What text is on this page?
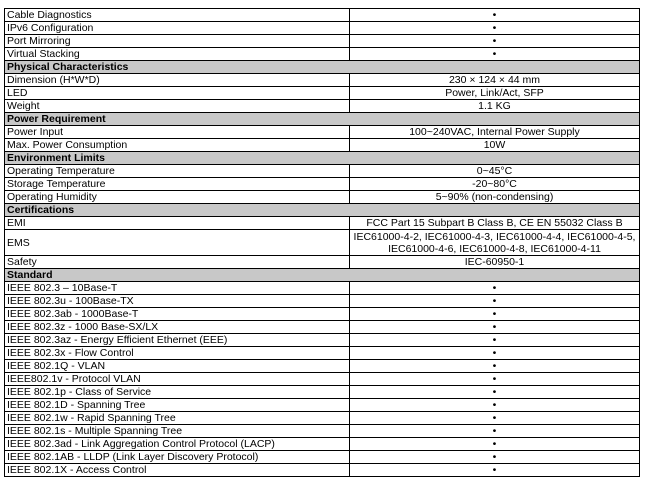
Cable Diagnostics	•
IPv6 Configuration	•
Port Mirroring	•
Virtual Stacking	•
Physical Characteristics	
Dimension (H*W*D)	230 × 124 × 44 mm
LED	Power, Link/Act, SFP
Weight	1.1 KG
Power Requirement	
Power Input	100~240VAC, Internal Power Supply
Max. Power Consumption	10W
Environment Limits	
Operating Temperature	0~45°C
Storage Temperature	-20~80°C
Operating Humidity	5~90% (non-condensing)
Certifications	
EMI	FCC Part 15 Subpart B Class B, CE EN 55032 Class B
EMS	IEC61000-4-2, IEC61000-4-3, IEC61000-4-4, IEC61000-4-5, IEC61000-4-6, IEC61000-4-8, IEC61000-4-11
Safety	IEC-60950-1
Standard	
IEEE 802.3 – 10Base-T	•
IEEE 802.3u - 100Base-TX	•
IEEE 802.3ab - 1000Base-T	•
IEEE 802.3z - 1000 Base-SX/LX	•
IEEE 802.3az - Energy Efficient Ethernet (EEE)	•
IEEE 802.3x - Flow Control	•
IEEE 802.1Q - VLAN	•
IEEE802.1v - Protocol VLAN	•
IEEE 802.1p - Class of Service	•
IEEE 802.1D - Spanning Tree	•
IEEE 802.1w - Rapid Spanning Tree	•
IEEE 802.1s - Multiple Spanning Tree	•
IEEE 802.3ad - Link Aggregation Control Protocol (LACP)	•
IEEE 802.1AB - LLDP (Link Layer Discovery Protocol)	•
IEEE 802.1X - Access Control	•
